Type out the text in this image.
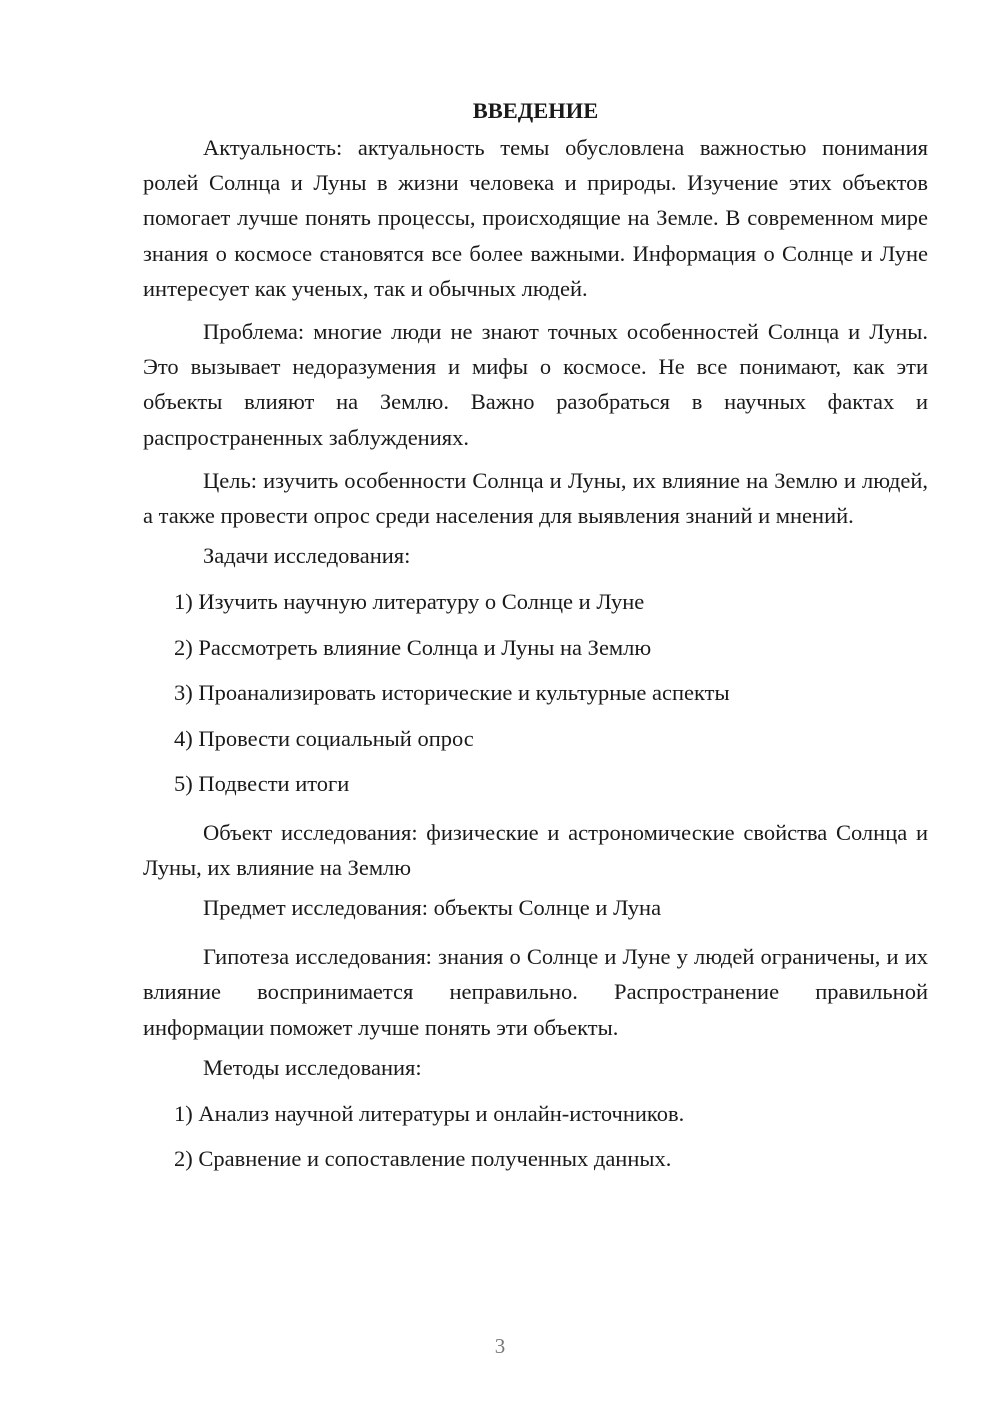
ВВЕДЕНИЕ

Актуальность: актуальность темы обусловлена важностью понимания ролей Солнца и Луны в жизни человека и природы. Изучение этих объектов помогает лучше понять процессы, происходящие на Земле. В современном мире знания о космосе становятся все более важными. Информация о Солнце и Луне интересует как ученых, так и обычных людей.

Проблема: многие люди не знают точных особенностей Солнца и Луны. Это вызывает недоразумения и мифы о космосе. Не все понимают, как эти объекты влияют на Землю. Важно разобраться в научных фактах и распространенных заблуждениях.

Цель: изучить особенности Солнца и Луны, их влияние на Землю и людей, а также провести опрос среди населения для выявления знаний и мнений.

Задачи исследования:
1) Изучить научную литературу о Солнце и Луне
2) Рассмотреть влияние Солнца и Луны на Землю
3) Проанализировать исторические и культурные аспекты
4) Провести социальный опрос
5) Подвести итоги

Объект исследования: физические и астрономические свойства Солнца и Луны, их влияние на Землю

Предмет исследования: объекты Солнце и Луна

Гипотеза исследования: знания о Солнце и Луне у людей ограничены, и их влияние воспринимается неправильно. Распространение правильной информации поможет лучше понять эти объекты.

Методы исследования:
1) Анализ научной литературы и онлайн-источников.
2) Сравнение и сопоставление полученных данных.
3
